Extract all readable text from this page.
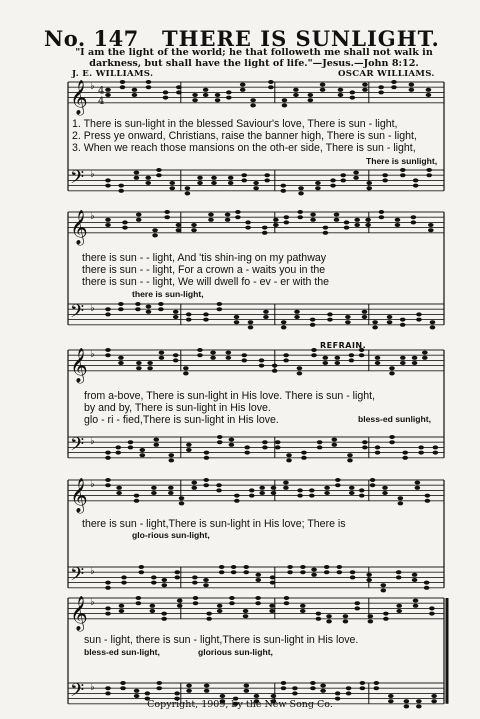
No. 147 THERE IS SUNLIGHT.
"I am the light of the world; he that followeth me shall not walk in darkness, but shall have the light of life."—Jesus.—John 8:12.
J. E. WILLIAMS.	OSCAR WILLIAMS.
𝄞 ♭
𝄢 ♭
4
4
𝄞 ♭
𝄢 ♭
𝄞 ♭
𝄢 ♭
𝄞 ♭
𝄢 ♭
𝄞 ♭
𝄢 ♭
1. There is sun-light in the blessed Saviour's love, There is sun - light,
2. Press ye onward, Christians, raise the banner high, There is sun - light,
3. When we reach those mansions on the oth-er side, There is sun - light,
There is sunlight,
there is sun - - light, And 'tis shin-ing on my pathway
there is sun - - light, For a crown a - waits you in the
there is sun - - light, We will dwell fo - ev - er with the
there is sun-light,
REFRAIN.
from a-bove, There is sun-light in His love. There is sun - light,
by and by, There is sun-light in His love.
glo - ri - fied,There is sun-light in His love.	bless-ed sunlight,
there is sun - light,There is sun-light in His love; There is
glo-rious sun-light,
sun - light, there is sun - light,There is sun-light in His love.
bless-ed sun-light,	glorious sun-light,
Copyright, 1909, by the New Song Co.
